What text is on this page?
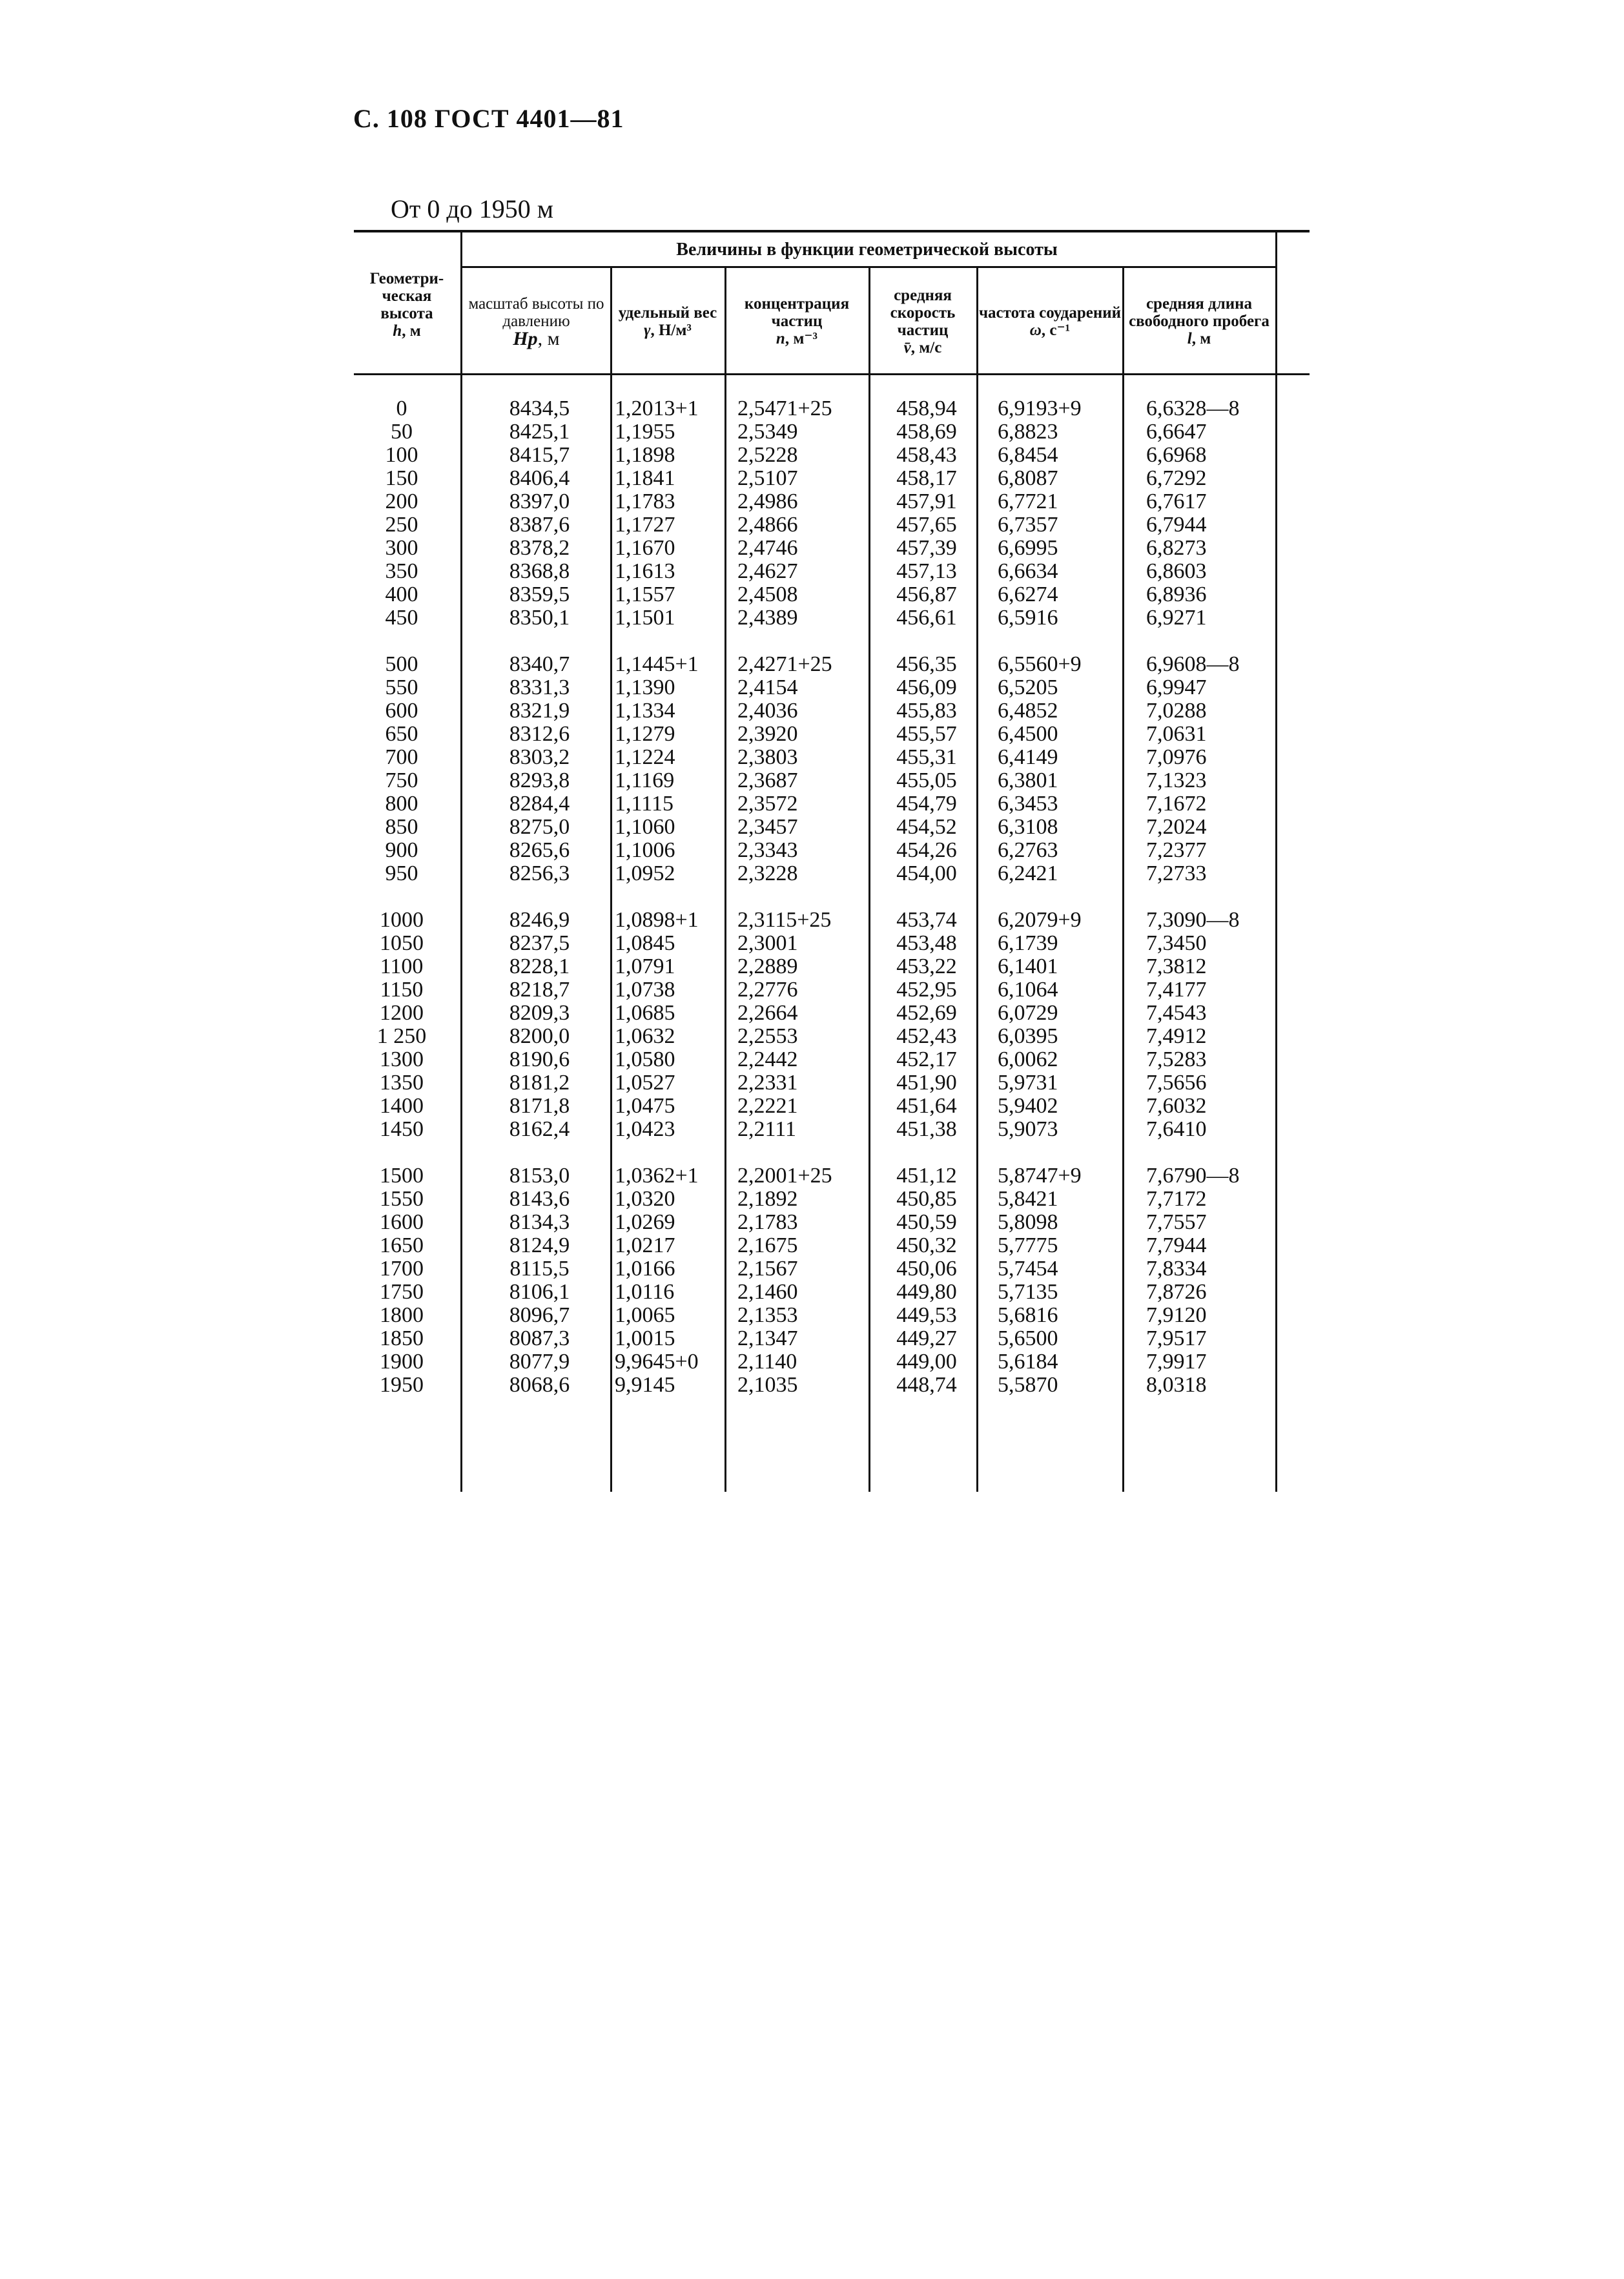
С. 108 ГОСТ 4401—81
От 0 до 1950 м
Величины в функции геометрической высоты
Геометри-ческая высота
h, м
масштаб высоты по давлению
Hр, м
удельный вес
γ, Н/м³
концентрация частиц
n, м⁻³
средняя скорость частиц
v̄, м/с
частота соударений
ω, с⁻¹
средняя длина свободного пробега
l, м
0
50
100
150
200
250
300
350
400
450
500
550
600
650
700
750
800
850
900
950
1000
1050
1100
1150
1200
1 250
1300
1350
1400
1450
1500
1550
1600
1650
1700
1750
1800
1850
1900
1950
8434,5
8425,1
8415,7
8406,4
8397,0
8387,6
8378,2
8368,8
8359,5
8350,1
8340,7
8331,3
8321,9
8312,6
8303,2
8293,8
8284,4
8275,0
8265,6
8256,3
8246,9
8237,5
8228,1
8218,7
8209,3
8200,0
8190,6
8181,2
8171,8
8162,4
8153,0
8143,6
8134,3
8124,9
8115,5
8106,1
8096,7
8087,3
8077,9
8068,6
1,2013+1
1,1955
1,1898
1,1841
1,1783
1,1727
1,1670
1,1613
1,1557
1,1501
1,1445+1
1,1390
1,1334
1,1279
1,1224
1,1169
1,1115
1,1060
1,1006
1,0952
1,0898+1
1,0845
1,0791
1,0738
1,0685
1,0632
1,0580
1,0527
1,0475
1,0423
1,0362+1
1,0320
1,0269
1,0217
1,0166
1,0116
1,0065
1,0015
9,9645+0
9,9145
2,5471+25
2,5349
2,5228
2,5107
2,4986
2,4866
2,4746
2,4627
2,4508
2,4389
2,4271+25
2,4154
2,4036
2,3920
2,3803
2,3687
2,3572
2,3457
2,3343
2,3228
2,3115+25
2,3001
2,2889
2,2776
2,2664
2,2553
2,2442
2,2331
2,2221
2,2111
2,2001+25
2,1892
2,1783
2,1675
2,1567
2,1460
2,1353
2,1347
2,1140
2,1035
458,94
458,69
458,43
458,17
457,91
457,65
457,39
457,13
456,87
456,61
456,35
456,09
455,83
455,57
455,31
455,05
454,79
454,52
454,26
454,00
453,74
453,48
453,22
452,95
452,69
452,43
452,17
451,90
451,64
451,38
451,12
450,85
450,59
450,32
450,06
449,80
449,53
449,27
449,00
448,74
6,9193+9
6,8823
6,8454
6,8087
6,7721
6,7357
6,6995
6,6634
6,6274
6,5916
6,5560+9
6,5205
6,4852
6,4500
6,4149
6,3801
6,3453
6,3108
6,2763
6,2421
6,2079+9
6,1739
6,1401
6,1064
6,0729
6,0395
6,0062
5,9731
5,9402
5,9073
5,8747+9
5,8421
5,8098
5,7775
5,7454
5,7135
5,6816
5,6500
5,6184
5,5870
6,6328—8
6,6647
6,6968
6,7292
6,7617
6,7944
6,8273
6,8603
6,8936
6,9271
6,9608—8
6,9947
7,0288
7,0631
7,0976
7,1323
7,1672
7,2024
7,2377
7,2733
7,3090—8
7,3450
7,3812
7,4177
7,4543
7,4912
7,5283
7,5656
7,6032
7,6410
7,6790—8
7,7172
7,7557
7,7944
7,8334
7,8726
7,9120
7,9517
7,9917
8,0318
